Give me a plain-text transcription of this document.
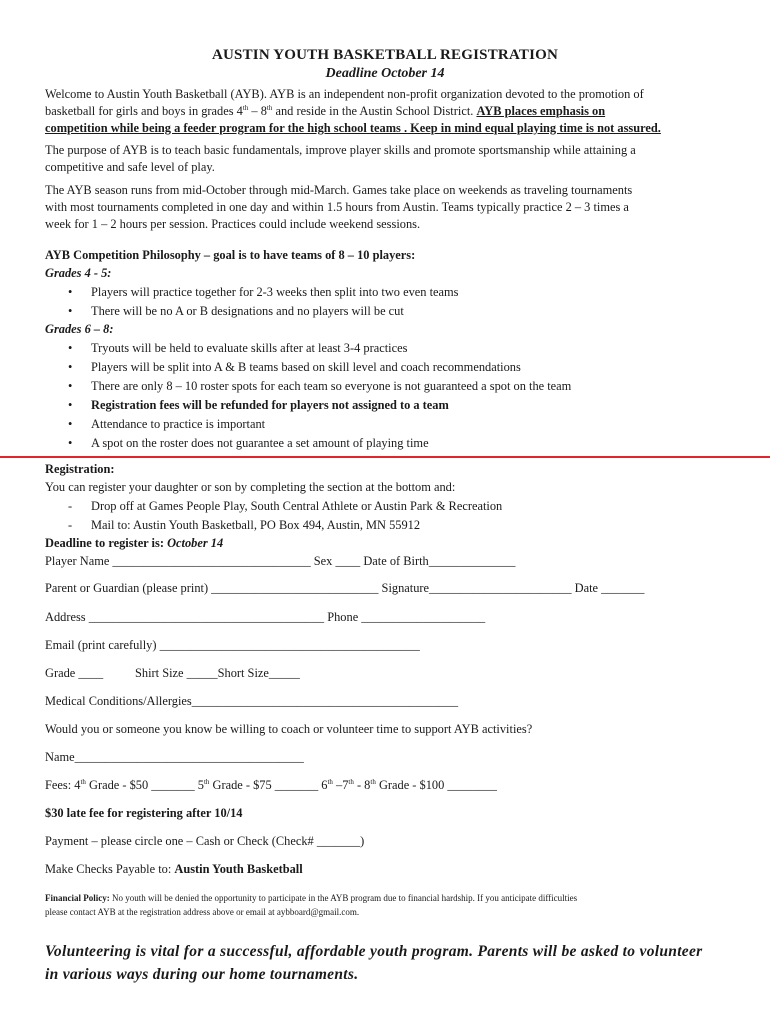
AUSTIN YOUTH BASKETBALL REGISTRATION
Deadline October 14
Welcome to Austin Youth Basketball (AYB). AYB is an independent non-profit organization devoted to the promotion of
basketball for girls and boys in grades 4th – 8th and reside in the Austin School District. AYB places emphasis on
competition while being a feeder program for the high school teams . Keep in mind equal playing time is not assured.
The purpose of AYB is to teach basic fundamentals, improve player skills and promote sportsmanship while attaining a
competitive and safe level of play.
The AYB season runs from mid-October through mid-March. Games take place on weekends as traveling tournaments
with most tournaments completed in one day and within 1.5 hours from Austin. Teams typically practice 2 – 3 times a
week for 1 – 2 hours per session. Practices could include weekend sessions.
AYB Competition Philosophy – goal is to have teams of 8 – 10 players:
Grades 4 - 5:
• Players will practice together for 2-3 weeks then split into two even teams
• There will be no A or B designations and no players will be cut
Grades 6 – 8:
• Tryouts will be held to evaluate skills after at least 3-4 practices
• Players will be split into A & B teams based on skill level and coach recommendations
• There are only 8 – 10 roster spots for each team so everyone is not guaranteed a spot on the team
• Registration fees will be refunded for players not assigned to a team
• Attendance to practice is important
• A spot on the roster does not guarantee a set amount of playing time
Registration:
You can register your daughter or son by completing the section at the bottom and:
- Drop off at Games People Play, South Central Athlete or Austin Park & Recreation
- Mail to: Austin Youth Basketball, PO Box 494, Austin, MN 55912
Deadline to register is: October 14
Player Name ________________________________ Sex ____ Date of Birth______________
Parent or Guardian (please print) ___________________________ Signature_______________________ Date _______
Address ______________________________________ Phone ____________________
Email (print carefully) __________________________________________
Grade ____	Shirt Size _____Short Size_____
Medical Conditions/Allergies___________________________________________
Would you or someone you know be willing to coach or volunteer time to support AYB activities?
Name_____________________________________
Fees: 4th Grade - $50 _______ 5th Grade - $75 _______ 6th –7th - 8th Grade - $100 ________
$30 late fee for registering after 10/14
Payment – please circle one – Cash or Check (Check# _______)
Make Checks Payable to: Austin Youth Basketball
Financial Policy: No youth will be denied the opportunity to participate in the AYB program due to financial hardship. If you anticipate difficulties
please contact AYB at the registration address above or email at aybboard@gmail.com.
Volunteering is vital for a successful, affordable youth program. Parents will be asked to volunteer
in various ways during our home tournaments.
